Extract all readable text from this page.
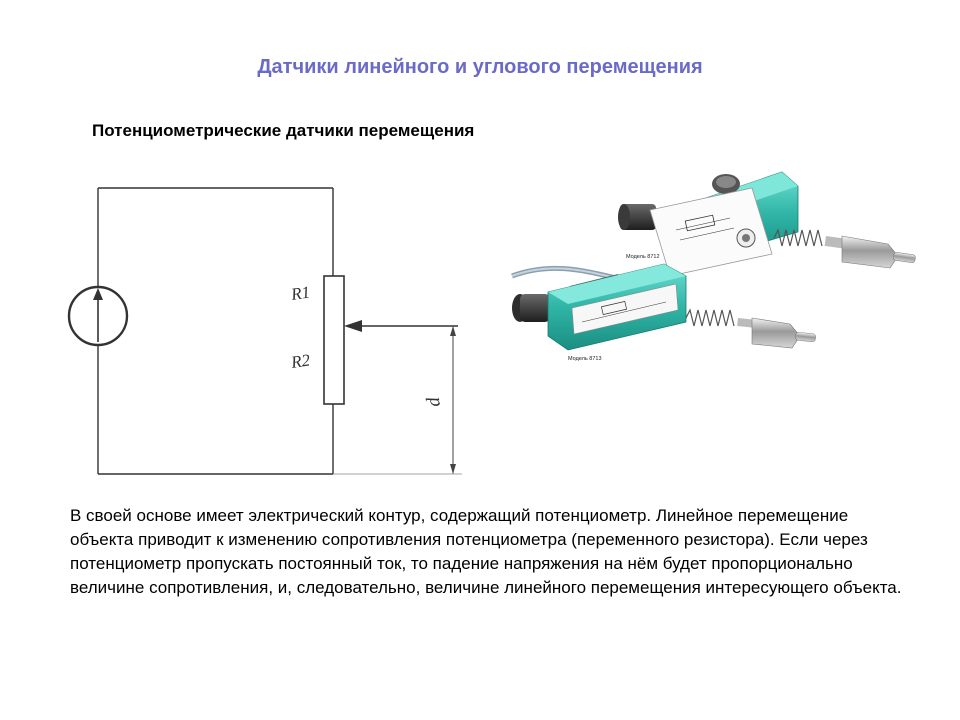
Датчики линейного и углового перемещения
Потенциометрические датчики перемещения
R1
R2
d
Модель 8712
Модель 8713

В своей основе имеет электрический контур, содержащий потенциометр. Линейное перемещение объекта приводит к изменению сопротивления потенциометра (переменного резистора). Если через потенциометр пропускать постоянный ток, то падение напряжения на нём будет пропорционально величине сопротивления, и, следовательно, величине линейного перемещения интересующего объекта.
